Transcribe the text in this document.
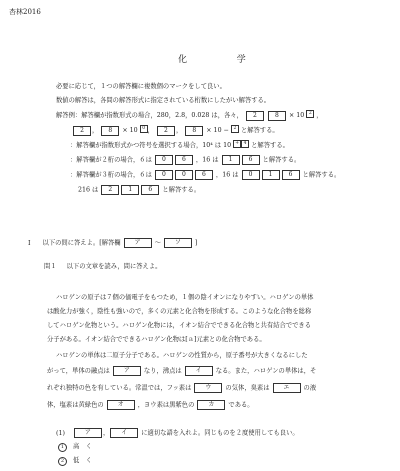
杏林2016
化	学
必要に応じて，１つの解答欄に複数個のマークをして良い。
数値の解答は，各問の解答形式に指定されている桁数にしたがい解答する。
解答例：解答欄が指数形式の場合，280，2.8，0.028 は，各々， 2	8 × 10 2 ，
2 ， 8 × 10 0 ， 2 ， 8 × 10 − 2 と解答する。
：解答欄が指数形式かつ符号を選択する場合，10⁴ は 10 + 4 と解答する。
：解答欄が２桁の場合，６は 0	6 ，16 は 1	6 と解答する。
：解答欄が３桁の場合，６は 0	0	6 ，16 は 0	1	6 と解答する。
216 は 2	1	6 と解答する。
I 以下の問に答えよ。[解答欄 ア 〜 ソ ]
問１ 以下の文章を読み，問に答えよ。
ハロゲンの原子は７個の価電子をもつため，１個の陰イオンになりやすい。ハロゲンの単体
は酸化力が強く，陰性も強いので，多くの元素と化合物を形成する。このような化合物を総称
してハロゲン化物という。ハロゲン化物には，イオン結合でできる化合物と共有結合でできる
分子がある。イオン結合でできるハロゲン化物は[ａ]元素との化合物である。
ハロゲンの単体は二原子分子である。ハロゲンの性質から，原子番号が大きくなるにした
がって，単体の融点は ア なり，沸点は イ なる。また，ハロゲンの単体は，そ
れぞれ独特の色を有している。常温では，フッ素は ウ の気体，臭素は エ の液
体，塩素は黄緑色の オ ，ヨウ素は黒紫色の カ である。
(1)	ア ， イ に適切な語を入れよ。同じものを２度使用しても良い。
1 高　く
2 低　く
